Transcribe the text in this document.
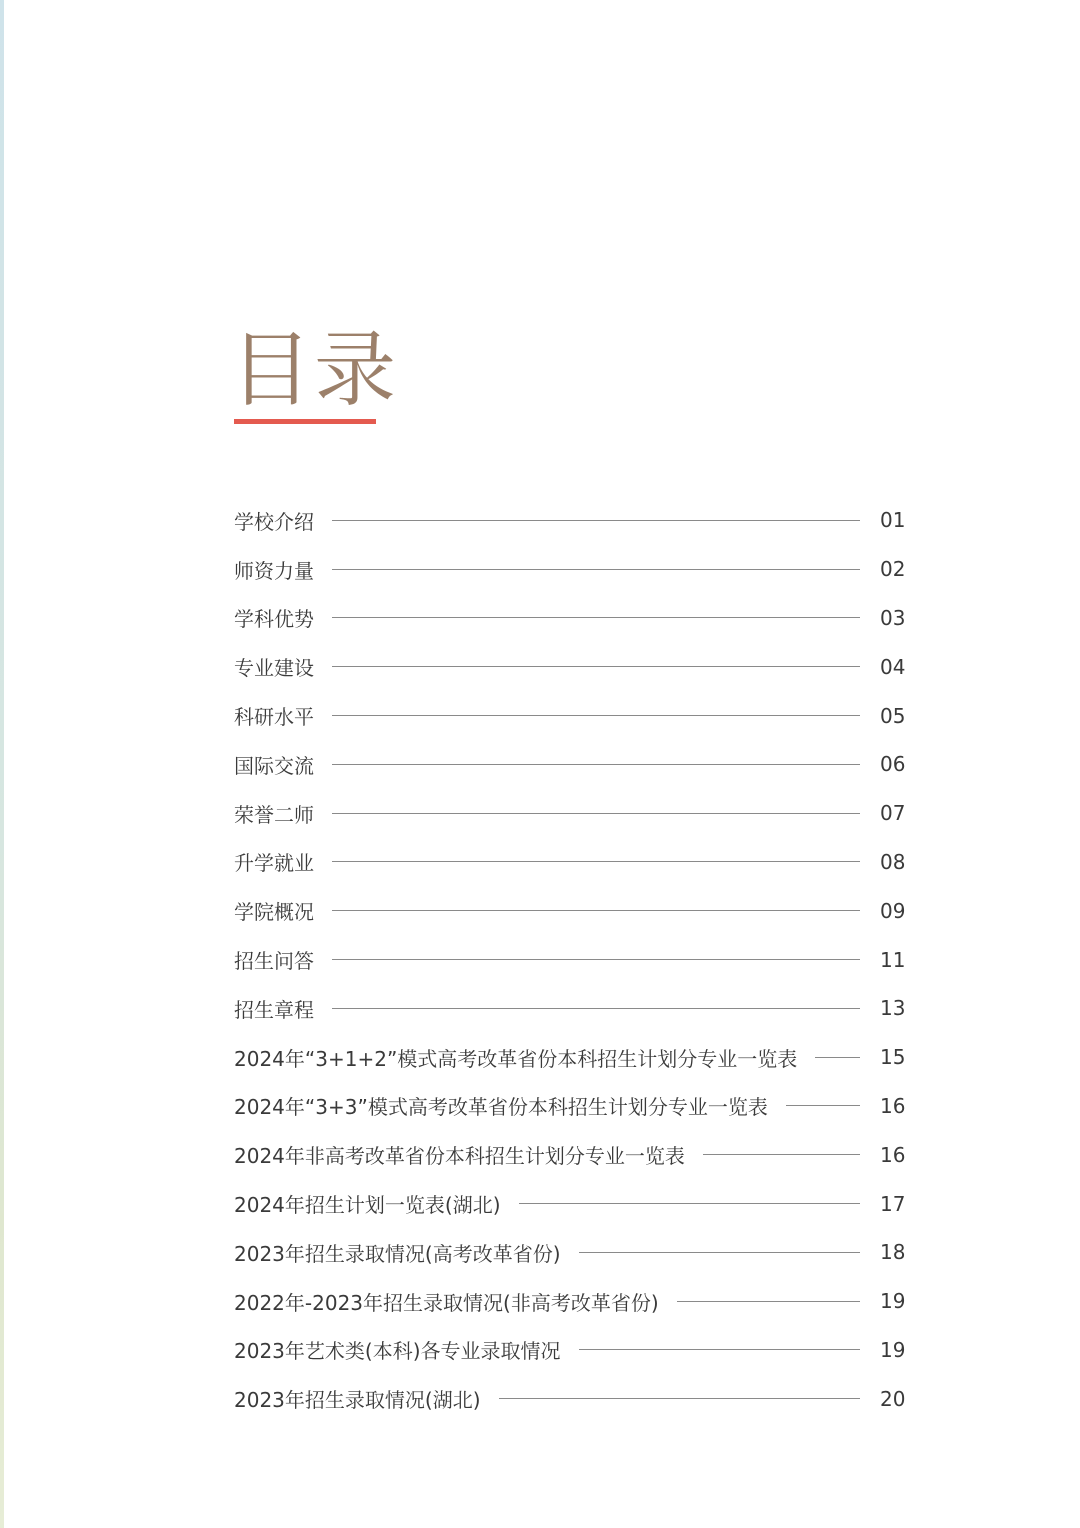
目录
学校介绍	01
师资力量	02
学科优势	03
专业建设	04
科研水平	05
国际交流	06
荣誉二师	07
升学就业	08
学院概况	09
招生问答	11
招生章程	13
2024年“3+1+2”模式高考改革省份本科招生计划分专业一览表	15
2024年“3+3”模式高考改革省份本科招生计划分专业一览表	16
2024年非高考改革省份本科招生计划分专业一览表	16
2024年招生计划一览表(湖北)	17
2023年招生录取情况(高考改革省份)	18
2022年-2023年招生录取情况(非高考改革省份)	19
2023年艺术类(本科)各专业录取情况	19
2023年招生录取情况(湖北)	20
